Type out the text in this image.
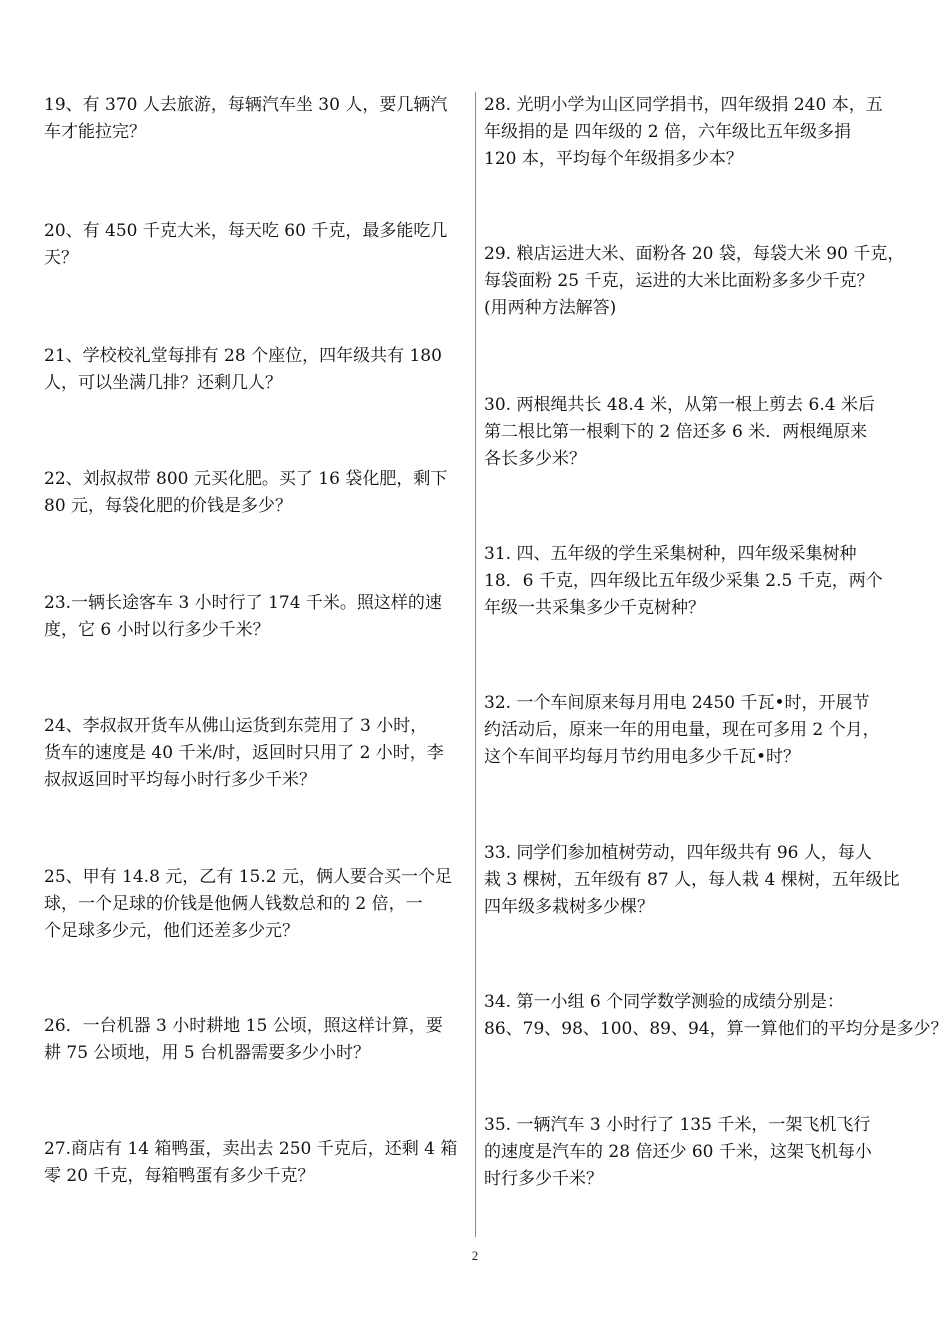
19、有 370 人去旅游，每辆汽车坐 30 人，要几辆汽
车才能拉完？
20、有 450 千克大米，每天吃 60 千克，最多能吃几
天？
21、学校校礼堂每排有 28 个座位，四年级共有 180
人，可以坐满几排？还剩几人？
22、刘叔叔带 800 元买化肥。买了 16 袋化肥，剩下
80 元，每袋化肥的价钱是多少？
23.一辆长途客车 3 小时行了 174 千米。照这样的速
度，它 6 小时以行多少千米？
24、李叔叔开货车从佛山运货到东莞用了 3 小时，
货车的速度是 40 千米/时，返回时只用了 2 小时，李
叔叔返回时平均每小时行多少千米？
25、甲有 14.8 元，乙有 15.2 元，俩人要合买一个足
球，一个足球的价钱是他俩人钱数总和的 2 倍，一
个足球多少元，他们还差多少元？
26．一台机器 3 小时耕地 15 公顷，照这样计算，要
耕 75 公顷地，用 5 台机器需要多少小时？
27.商店有 14 箱鸭蛋，卖出去 250 千克后，还剩 4 箱
零 20 千克，每箱鸭蛋有多少千克？
28. 光明小学为山区同学捐书，四年级捐 240 本，五
年级捐的是 四年级的 2 倍，六年级比五年级多捐
120 本，平均每个年级捐多少本？
29. 粮店运进大米、面粉各 20 袋，每袋大米 90 千克，
每袋面粉 25 千克，运进的大米比面粉多多少千克？
(用两种方法解答)
30. 两根绳共长 48.4 米，从第一根上剪去 6.4 米后
第二根比第一根剩下的 2 倍还多 6 米．两根绳原来
各长多少米？
31. 四、五年级的学生采集树种，四年级采集树种
18．6 千克，四年级比五年级少采集 2.5 千克，两个
年级一共采集多少千克树种？
32. 一个车间原来每月用电 2450 千瓦•时，开展节
约活动后，原来一年的用电量，现在可多用 2 个月，
这个车间平均每月节约用电多少千瓦•时？
33. 同学们参加植树劳动，四年级共有 96 人，每人
栽 3 棵树，五年级有 87 人，每人栽 4 棵树，五年级比
四年级多栽树多少棵？
34. 第一小组 6 个同学数学测验的成绩分别是：
86、79、98、100、89、94，算一算他们的平均分是多少？
35. 一辆汽车 3 小时行了 135 千米，一架飞机飞行
的速度是汽车的 28 倍还少 60 千米，这架飞机每小
时行多少千米？
2
